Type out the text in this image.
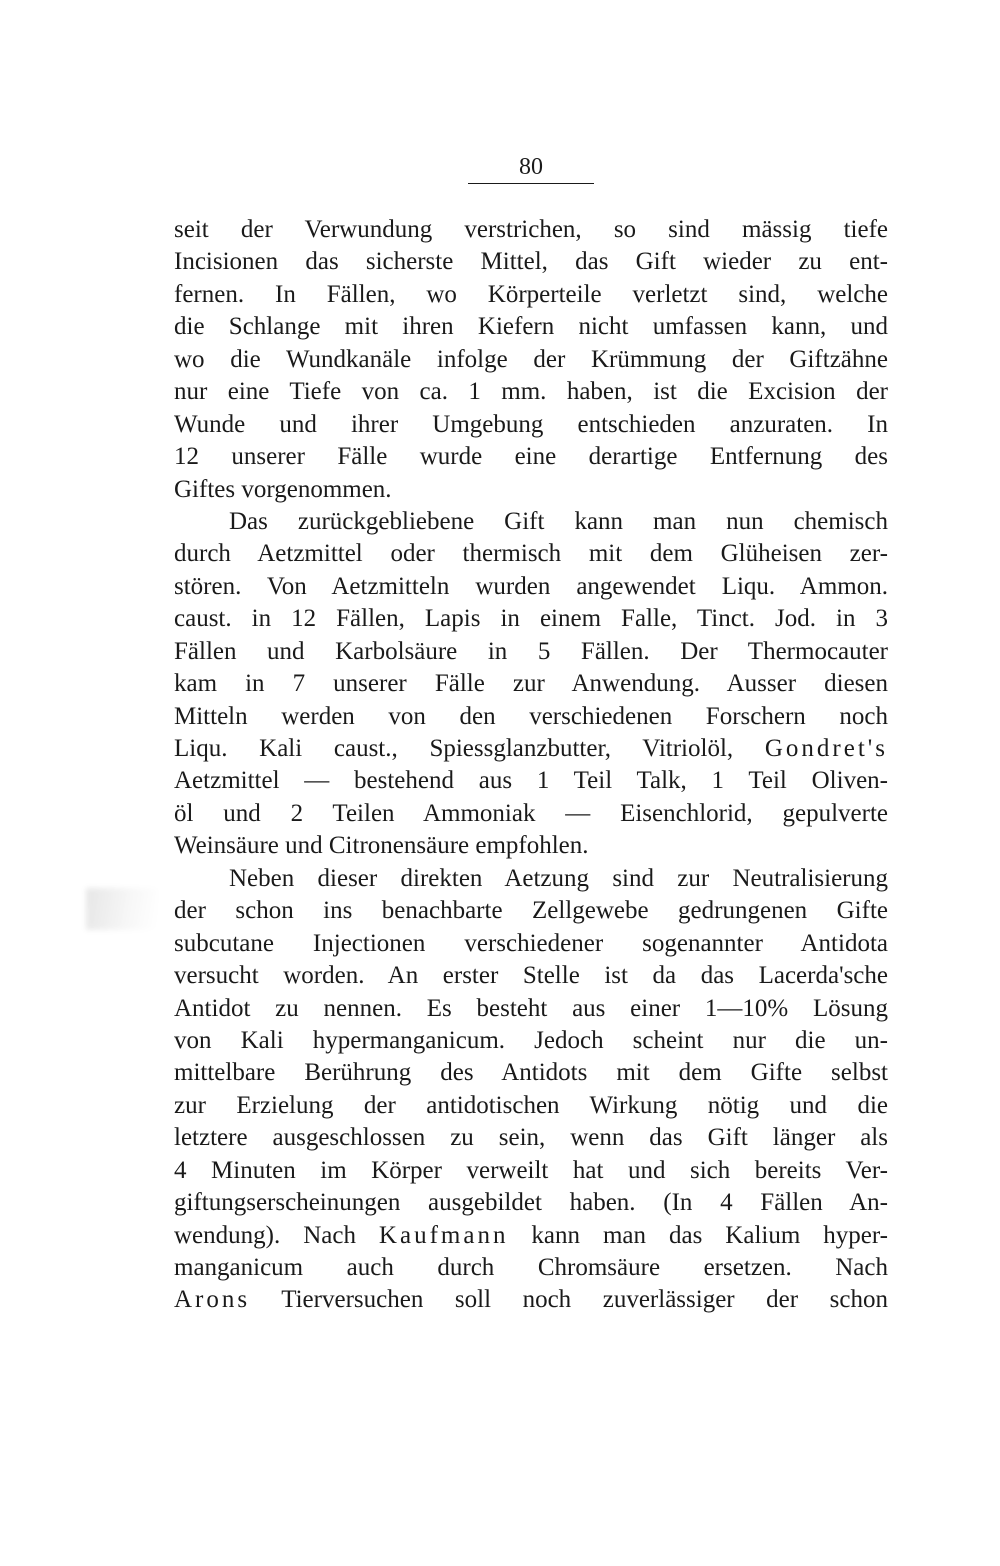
80
seit der Verwundung verstrichen, so sind mässig tiefe
Incisionen das sicherste Mittel, das Gift wieder zu ent-
fernen. In Fällen, wo Körperteile verletzt sind, welche
die Schlange mit ihren Kiefern nicht umfassen kann, und
wo die Wundkanäle infolge der Krümmung der Giftzähne
nur eine Tiefe von ca. 1 mm. haben, ist die Excision der
Wunde und ihrer Umgebung entschieden anzuraten. In
12 unserer Fälle wurde eine derartige Entfernung des
Giftes vorgenommen.
Das zurückgebliebene Gift kann man nun chemisch
durch Aetzmittel oder thermisch mit dem Glüheisen zer-
stören. Von Aetzmitteln wurden angewendet Liqu. Ammon.
caust. in 12 Fällen, Lapis in einem Falle, Tinct. Jod. in 3
Fällen und Karbolsäure in 5 Fällen. Der Thermocauter
kam in 7 unserer Fälle zur Anwendung. Ausser diesen
Mitteln werden von den verschiedenen Forschern noch
Liqu. Kali caust., Spiessglanzbutter, Vitriolöl, Gondret's
Aetzmittel — bestehend aus 1 Teil Talk, 1 Teil Oliven-
öl und 2 Teilen Ammoniak — Eisenchlorid, gepulverte
Weinsäure und Citronensäure empfohlen.
Neben dieser direkten Aetzung sind zur Neutralisierung
der schon ins benachbarte Zellgewebe gedrungenen Gifte
subcutane Injectionen verschiedener sogenannter Antidota
versucht worden. An erster Stelle ist da das Lacerda'sche
Antidot zu nennen. Es besteht aus einer 1—10% Lösung
von Kali hypermanganicum. Jedoch scheint nur die un-
mittelbare Berührung des Antidots mit dem Gifte selbst
zur Erzielung der antidotischen Wirkung nötig und die
letztere ausgeschlossen zu sein, wenn das Gift länger als
4 Minuten im Körper verweilt hat und sich bereits Ver-
giftungserscheinungen ausgebildet haben. (In 4 Fällen An-
wendung). Nach Kaufmann kann man das Kalium hyper-
manganicum auch durch Chromsäure ersetzen. Nach
Arons Tierversuchen soll noch zuverlässiger der schon
